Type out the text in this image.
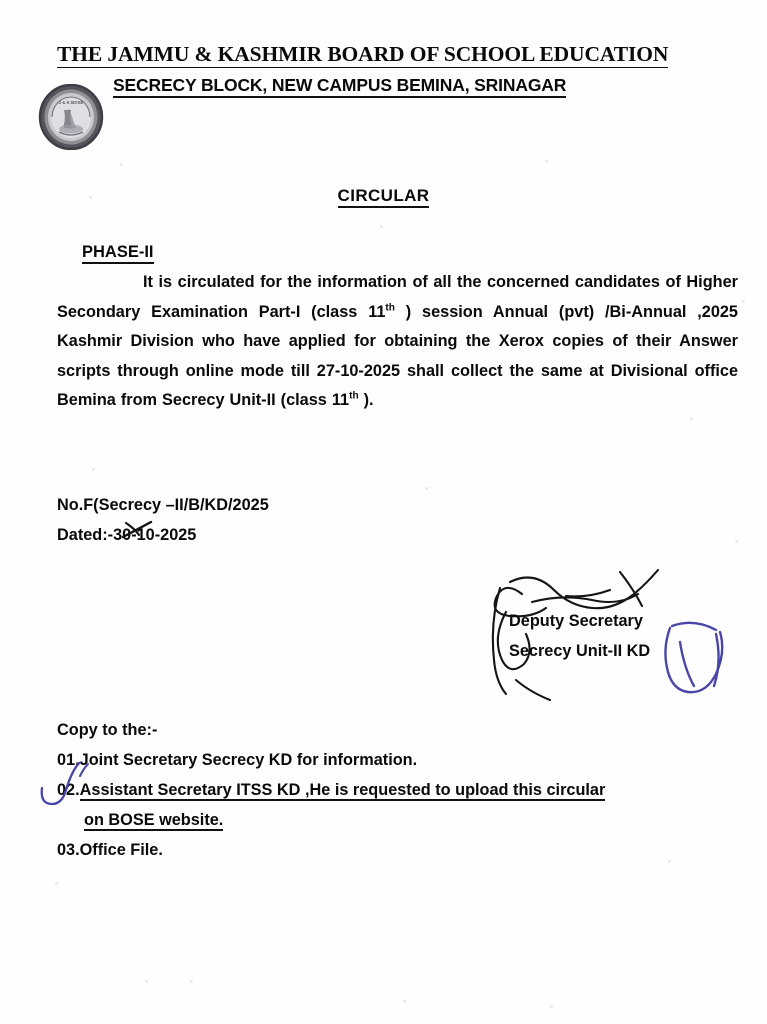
THE JAMMU & KASHMIR BOARD OF SCHOOL EDUCATION
SECRECY BLOCK, NEW CAMPUS BEMINA, SRINAGAR
J & K BOSE
CIRCULAR
PHASE-II
It is circulated for the information of all the concerned candidates of Higher Secondary Examination Part-I (class 11th ) session Annual (pvt) /Bi-Annual ,2025 Kashmir Division who have applied for obtaining the Xerox copies of their Answer scripts through online mode till 27-10-2025 shall collect the same at Divisional office Bemina from Secrecy Unit-II (class 11th ).
No.F(Secrecy –II/B/KD/2025
Dated:-30-10-2025
Deputy Secretary
Secrecy Unit-II KD
Copy to the:-
01.Joint Secretary Secrecy KD for information.
02.Assistant Secretary ITSS KD ,He is requested to upload this circular
on BOSE website.
03.Office File.
